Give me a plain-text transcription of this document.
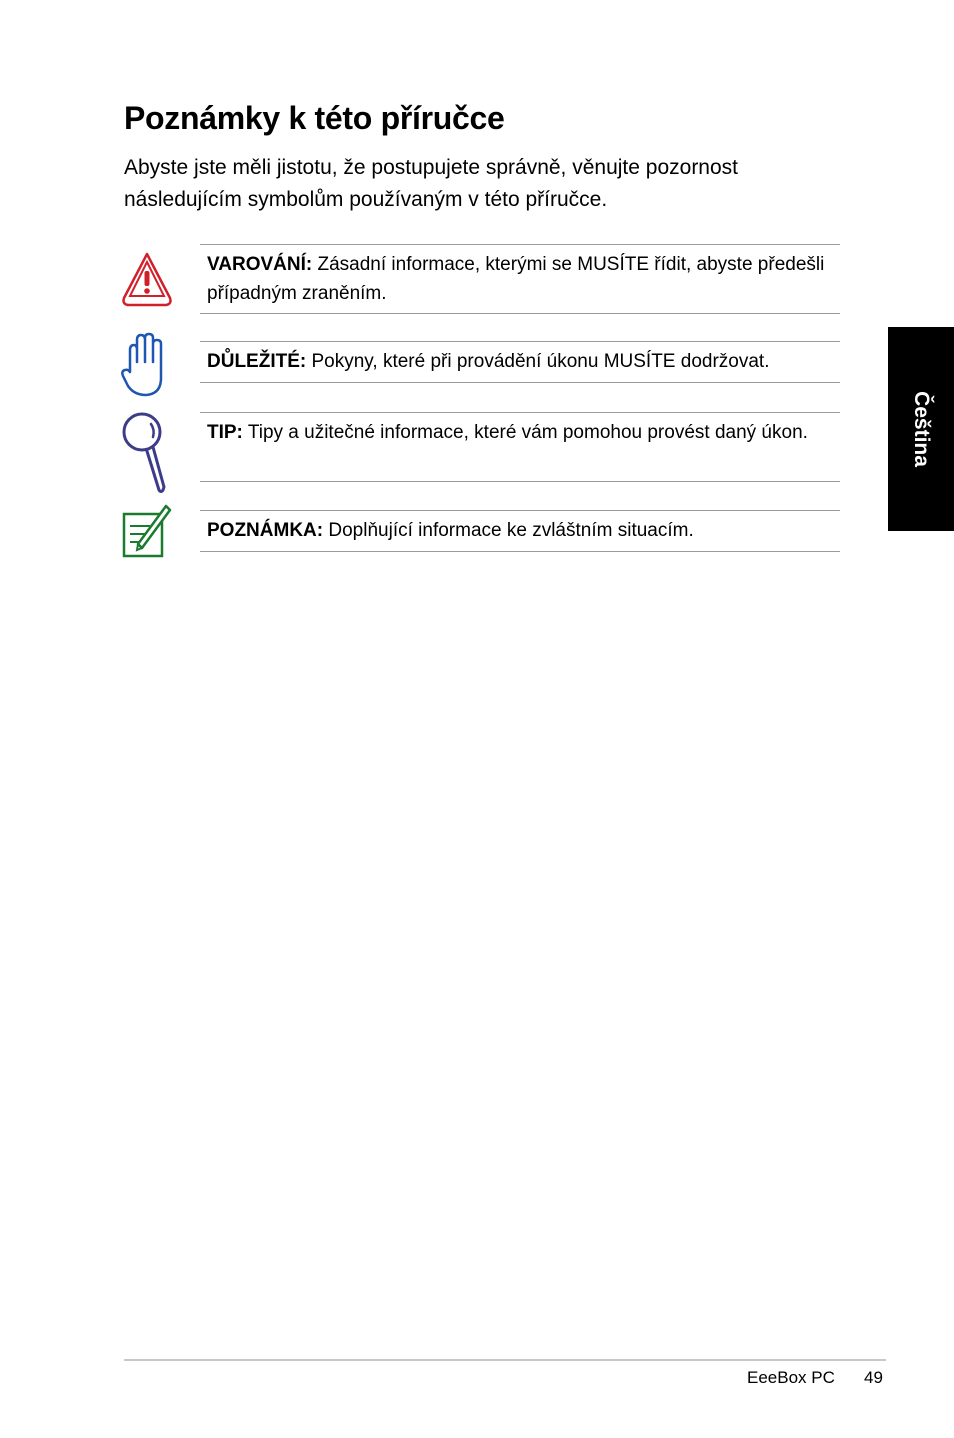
Poznámky k této příručce

Abyste jste měli jistotu, že postupujete správně, věnujte pozornost následujícím symbolům používaným v této příručce.

VAROVÁNÍ: Zásadní informace, kterými se MUSÍTE řídit, abyste předešli případným zraněním.
DŮLEŽITÉ: Pokyny, které při provádění úkonu MUSÍTE dodržovat.
TIP: Tipy a užitečné informace, které vám pomohou provést daný úkon.
POZNÁMKA: Doplňující informace ke zvláštním situacím.
Čeština
EeeBox PC 49
